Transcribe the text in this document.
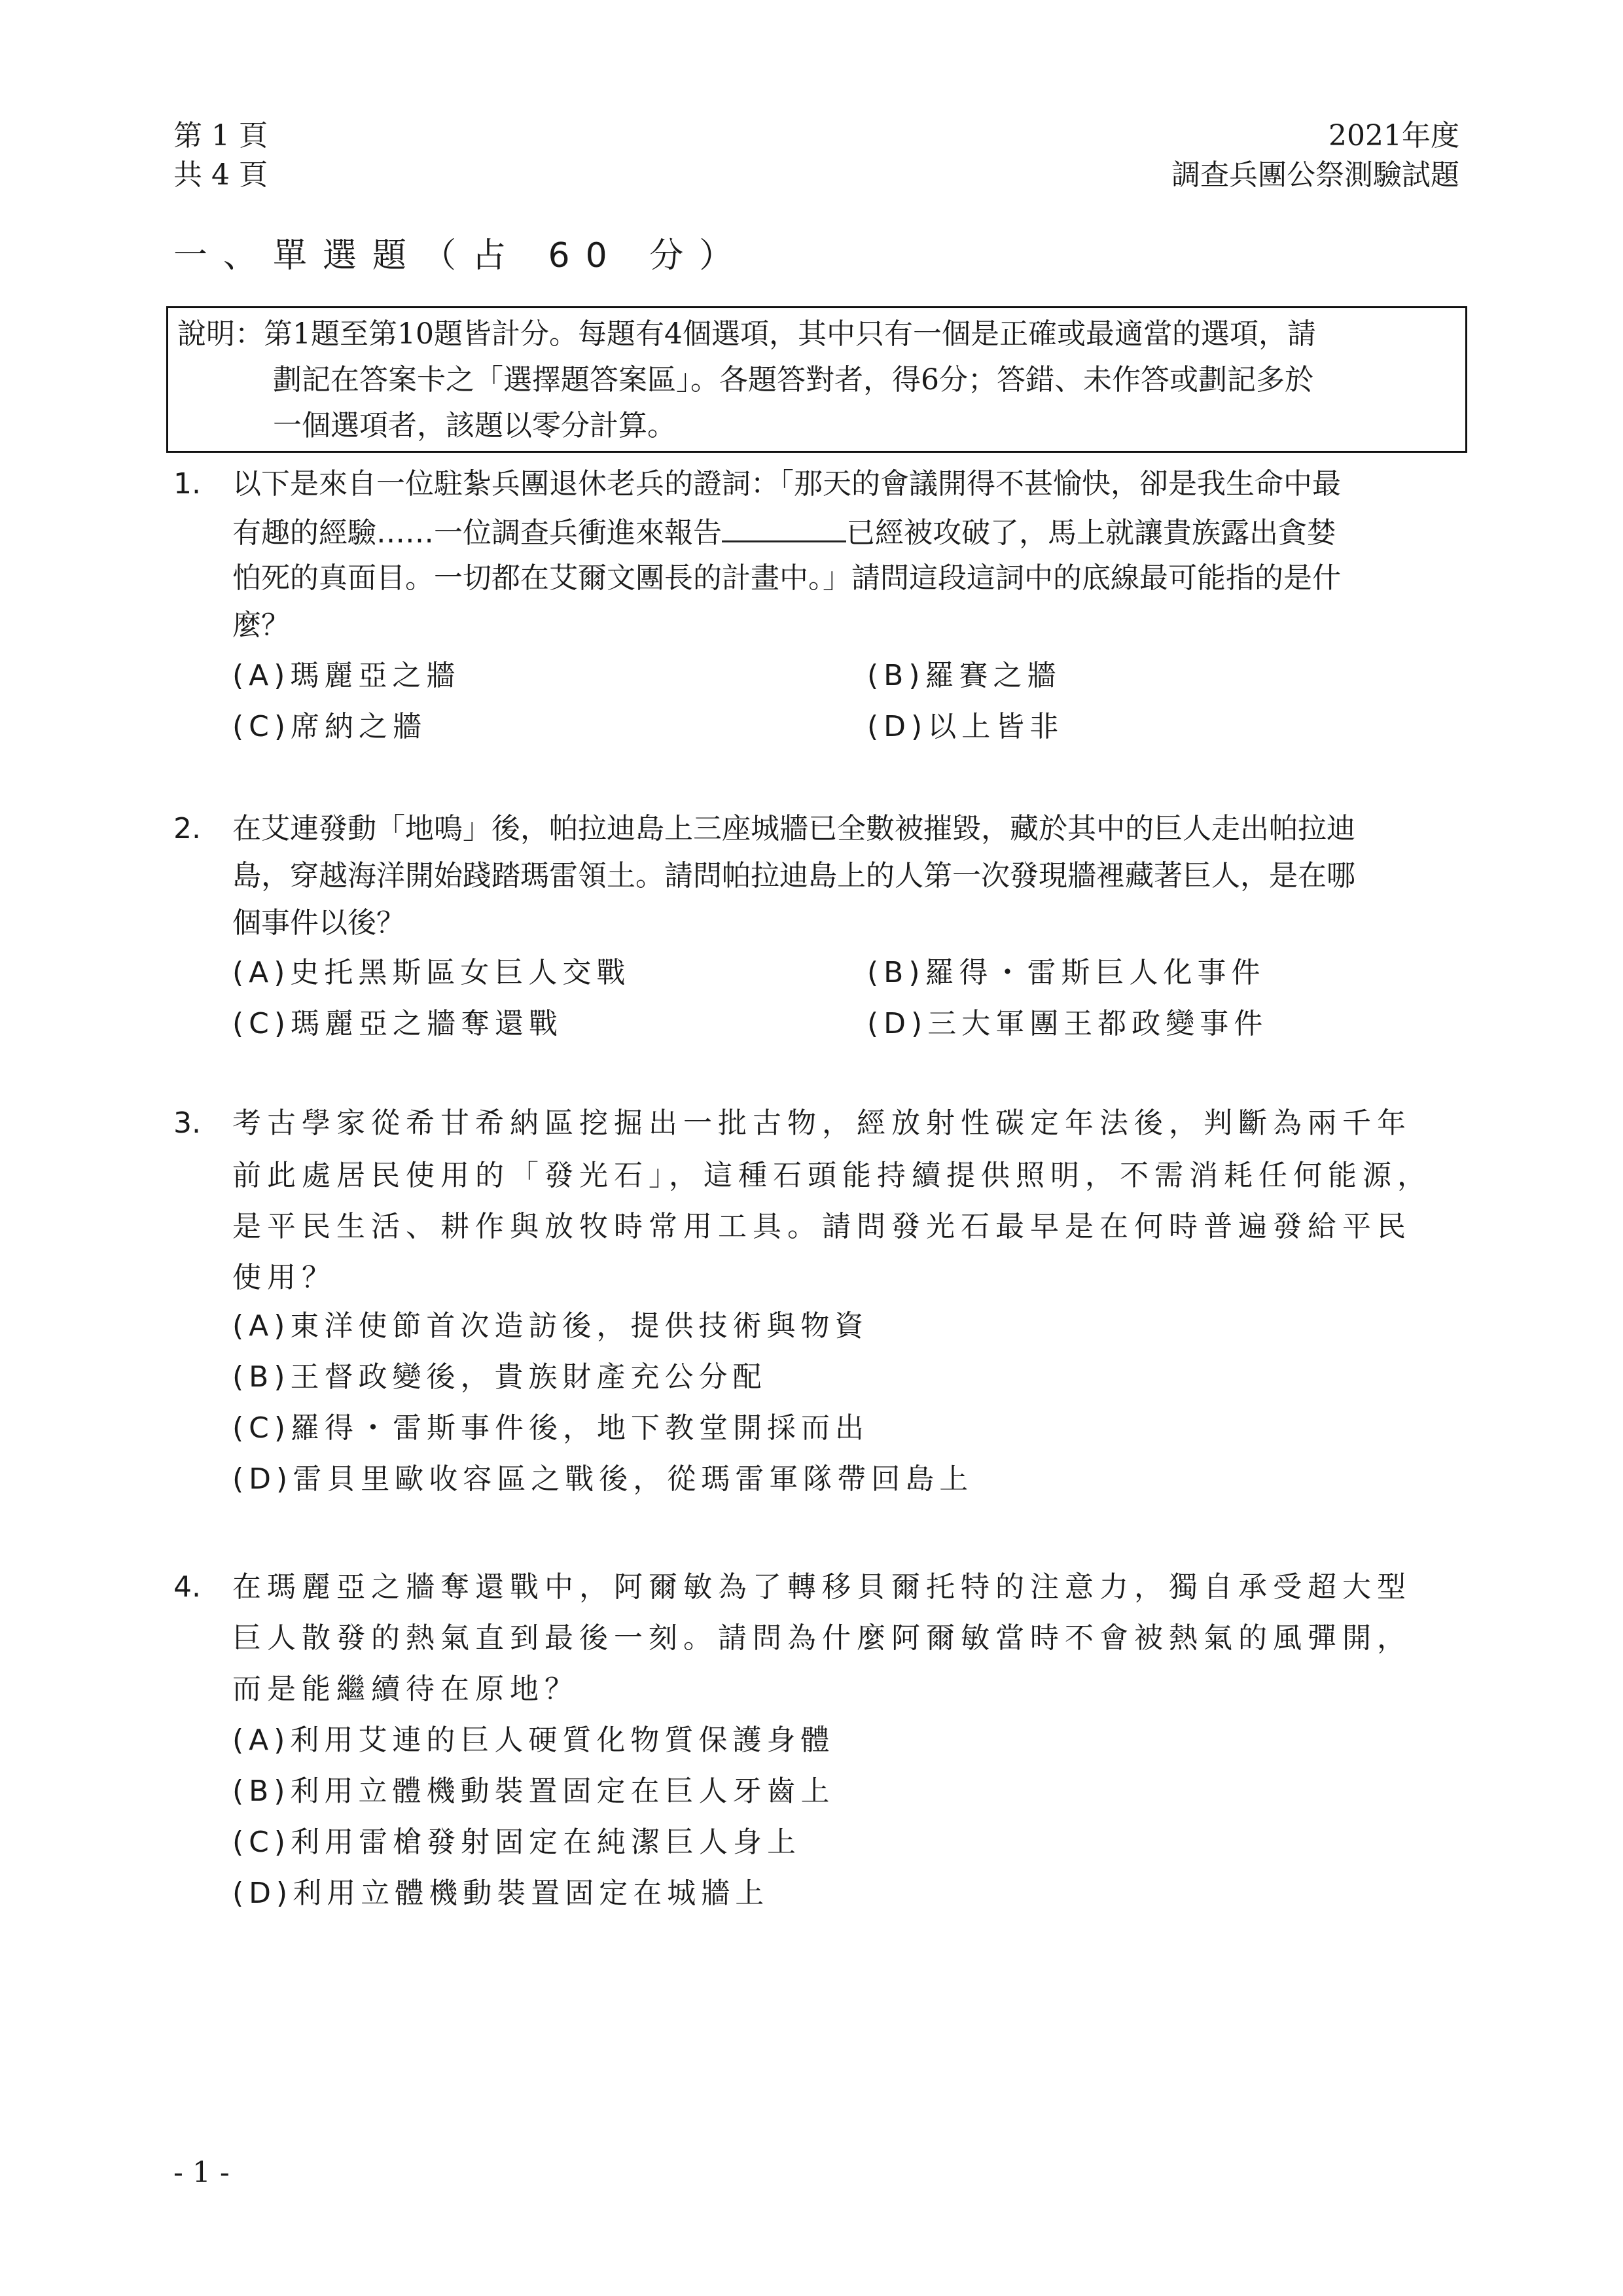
第 1 頁
共 4 頁
2021年度
調查兵團公祭測驗試題
一、單選題（占 60 分）
說明：第1題至第10題皆計分。每題有4個選項，其中只有一個是正確或最適當的選項，請
劃記在答案卡之「選擇題答案區」。各題答對者，得6分；答錯、未作答或劃記多於
一個選項者，該題以零分計算。
1. 以下是來自一位駐紮兵團退休老兵的證詞：「那天的會議開得不甚愉快，卻是我生命中最
有趣的經驗……一位調查兵衝進來報告	已經被攻破了，馬上就讓貴族露出貪婪
怕死的真面目。一切都在艾爾文團長的計畫中。」請問這段這詞中的底線最可能指的是什
麼？
(A)瑪麗亞之牆	(B)羅賽之牆
(C)席納之牆	(D)以上皆非
2. 在艾連發動「地鳴」後，帕拉迪島上三座城牆已全數被摧毀，藏於其中的巨人走出帕拉迪
島，穿越海洋開始踐踏瑪雷領土。請問帕拉迪島上的人第一次發現牆裡藏著巨人，是在哪
個事件以後？
(A)史托黑斯區女巨人交戰	(B)羅得・雷斯巨人化事件
(C)瑪麗亞之牆奪還戰	(D)三大軍團王都政變事件
3. 考古學家從希甘希納區挖掘出一批古物，經放射性碳定年法後，判斷為兩千年
前此處居民使用的「發光石」，這種石頭能持續提供照明，不需消耗任何能源，
是平民生活、耕作與放牧時常用工具。請問發光石最早是在何時普遍發給平民
使用？
(A)東洋使節首次造訪後，提供技術與物資
(B)王督政變後，貴族財產充公分配
(C)羅得・雷斯事件後，地下教堂開採而出
(D)雷貝里歐收容區之戰後，從瑪雷軍隊帶回島上
4. 在瑪麗亞之牆奪還戰中，阿爾敏為了轉移貝爾托特的注意力，獨自承受超大型
巨人散發的熱氣直到最後一刻。請問為什麼阿爾敏當時不會被熱氣的風彈開，
而是能繼續待在原地？
(A)利用艾連的巨人硬質化物質保護身體
(B)利用立體機動裝置固定在巨人牙齒上
(C)利用雷槍發射固定在純潔巨人身上
(D)利用立體機動裝置固定在城牆上
- 1 -
